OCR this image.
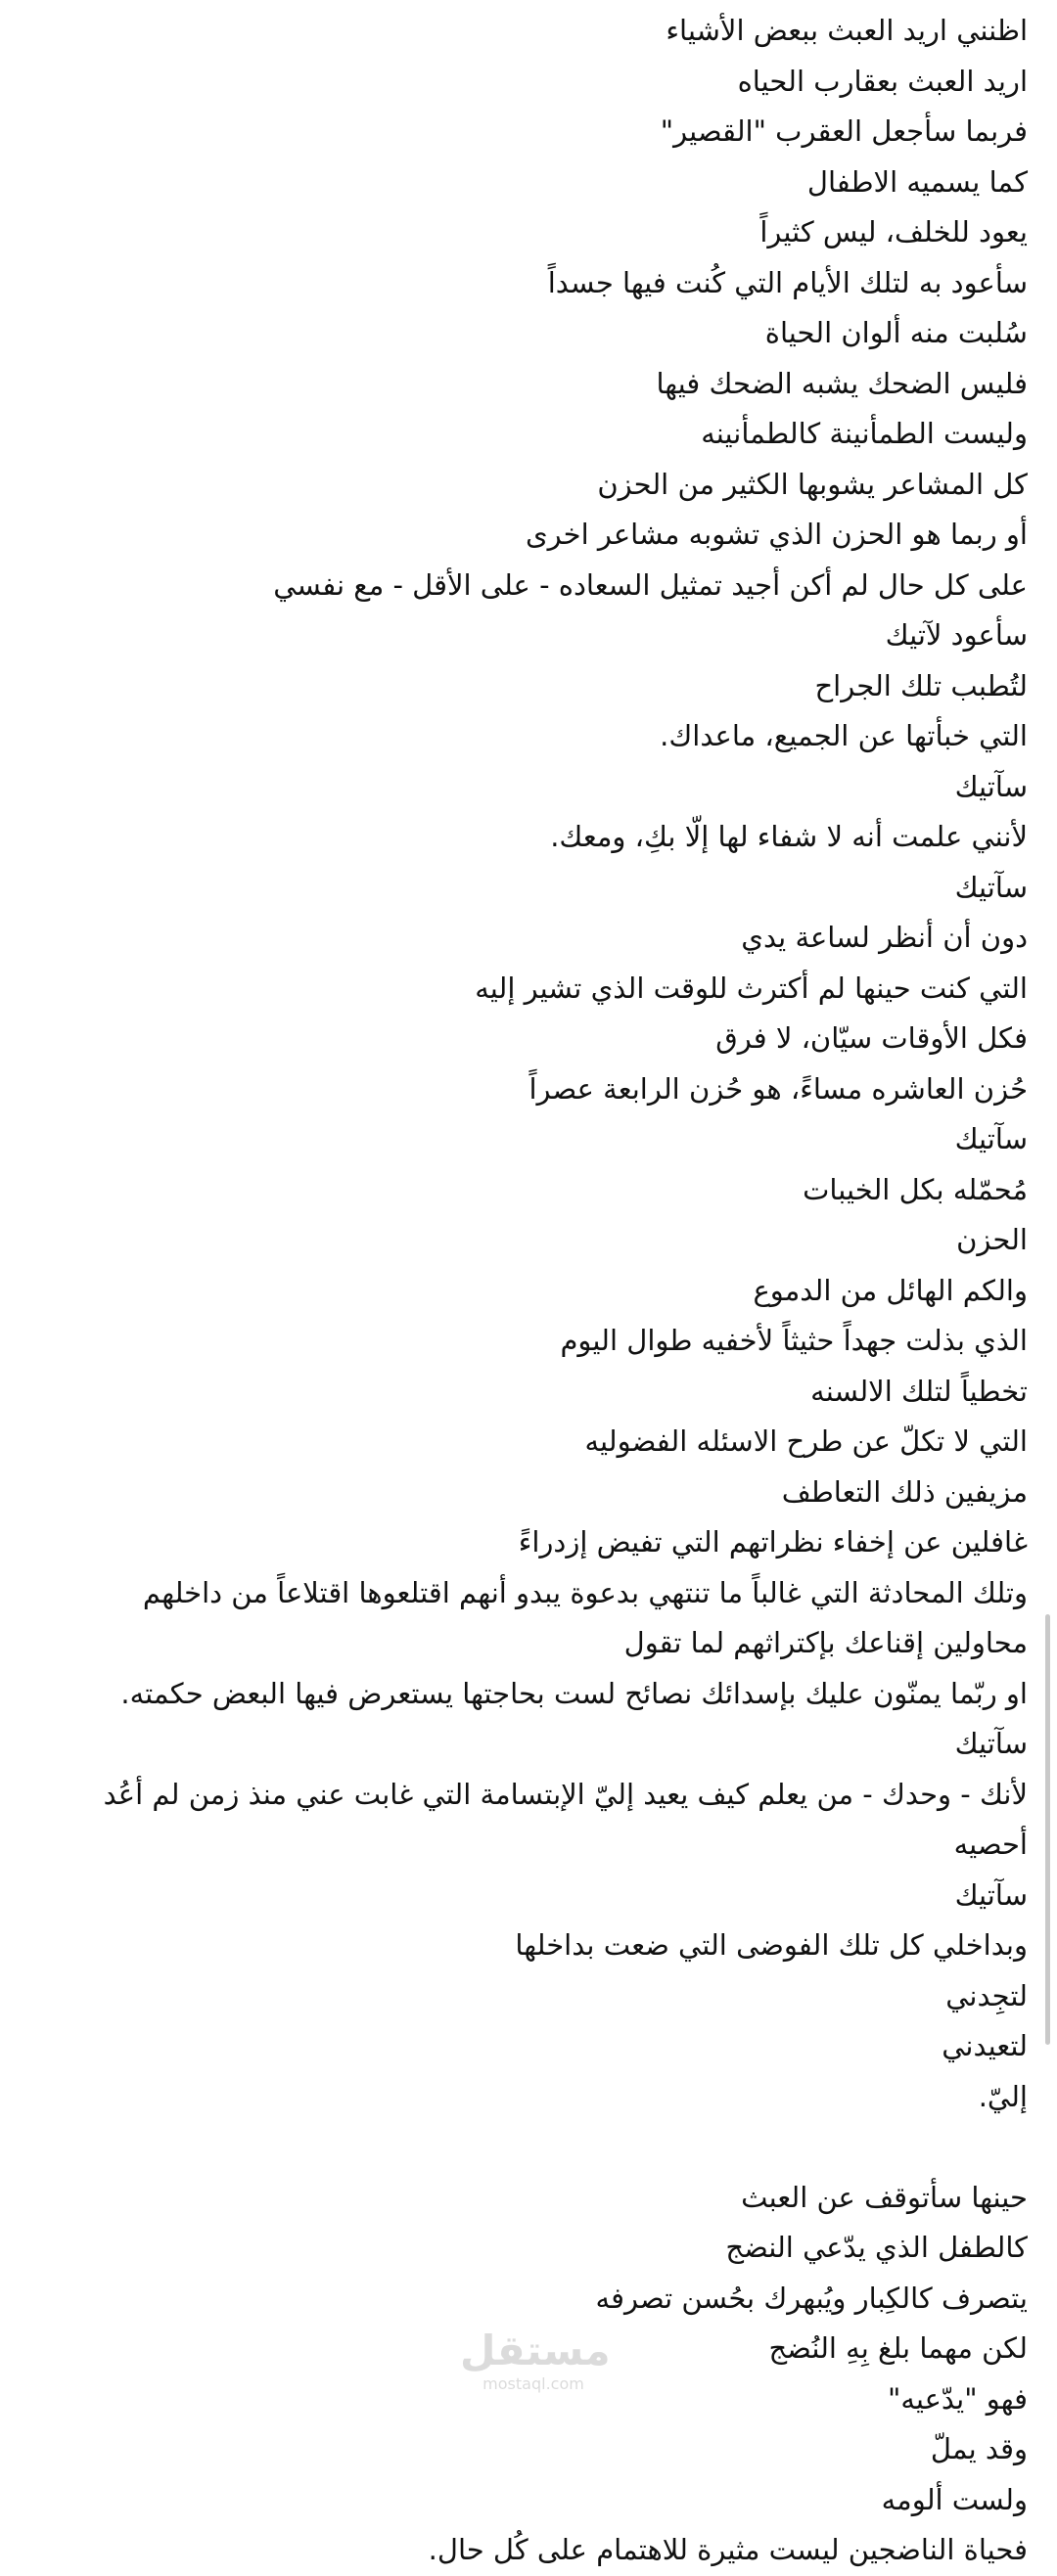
اظنني اريد العبث ببعض الأشياء
اريد العبث بعقارب الحياه
فربما سأجعل العقرب "القصير"
كما يسميه الاطفال
يعود للخلف، ليس كثيراً
سأعود به لتلك الأيام التي كُنت فيها جسداً
سُلبت منه ألوان الحياة
فليس الضحك يشبه الضحك فيها
وليست الطمأنينة كالطمأنينه
كل المشاعر يشوبها الكثير من الحزن
أو ربما هو الحزن الذي تشوبه مشاعر اخرى
على كل حال لم أكن أجيد تمثيل السعاده - على الأقل - مع نفسي
سأعود لآتيك
لتُطبب تلك الجراح
التي خبأتها عن الجميع، ماعداك.
سآتيك
لأنني علمت أنه لا شفاء لها إلّا بكِ، ومعك.
سآتيك
دون أن أنظر لساعة يدي
التي كنت حينها لم أكترث للوقت الذي تشير إليه
فكل الأوقات سيّان، لا فرق
حُزن العاشره مساءً، هو حُزن الرابعة عصراً
سآتيك
مُحمّله بكل الخيبات
الحزن
والكم الهائل من الدموع
الذي بذلت جهداً حثيثاً لأخفيه طوال اليوم
تخطياً لتلك الالسنه
التي لا تكلّ عن طرح الاسئله الفضوليه
مزيفين ذلك التعاطف
غافلين عن إخفاء نظراتهم التي تفيض إزدراءً
وتلك المحادثة التي غالباً ما تنتهي بدعوة يبدو أنهم اقتلعوها اقتلاعاً من داخلهم محاولين إقناعك بإكتراثهم لما تقول
او ربّما يمنّون عليك بإسدائك نصائح لست بحاجتها يستعرض فيها البعض حكمته.
سآتيك
لأنك - وحدك - من يعلم كيف يعيد إليّ الإبتسامة التي غابت عني منذ زمن لم أعُد أحصيه
سآتيك
وبداخلي كل تلك الفوضى التي ضعت بداخلها
لتجِدني
لتعيدني
إليّ.
حينها سأتوقف عن العبث
كالطفل الذي يدّعي النضج
يتصرف كالكِبار ويُبهرك بحُسن تصرفه
لكن مهما بلغ بِهِ النُضج
فهو "يدّعيه"
وقد يملّ
ولست ألومه
فحياة الناضجين ليست مثيرة للاهتمام على كُل حال.
مستقل
mostaql.com
